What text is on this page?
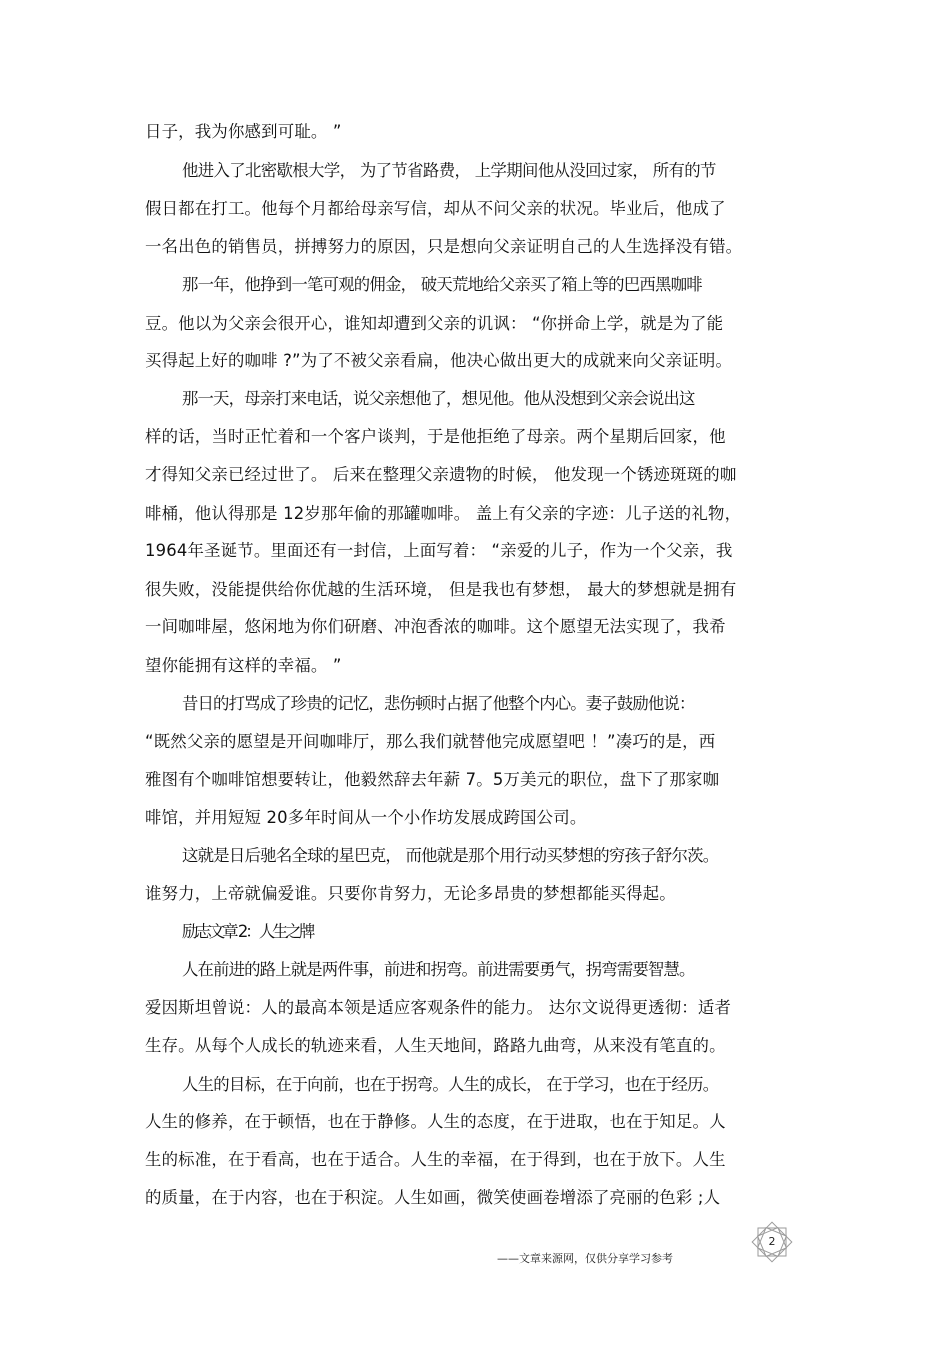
日子，我为你感到可耻。 ”
他进入了北密歇根大学， 为了节省路费， 上学期间他从没回过家， 所有的节
假日都在打工。他每个月都给母亲写信，却从不问父亲的状况。毕业后，他成了
一名出色的销售员，拼搏努力的原因，只是想向父亲证明自己的人生选择没有错。
那一年，他挣到一笔可观的佣金， 破天荒地给父亲买了箱上等的巴西黑咖啡
豆。他以为父亲会很开心，谁知却遭到父亲的讥讽： “你拼命上学，就是为了能
买得起上好的咖啡 ?”为了不被父亲看扁，他决心做出更大的成就来向父亲证明。
那一天，母亲打来电话，说父亲想他了，想见他。他从没想到父亲会说出这
样的话，当时正忙着和一个客户谈判，于是他拒绝了母亲。两个星期后回家，他
才得知父亲已经过世了。 后来在整理父亲遗物的时候， 他发现一个锈迹斑斑的咖
啡桶，他认得那是 12岁那年偷的那罐咖啡。 盖上有父亲的字迹：儿子送的礼物，
1964年圣诞节。里面还有一封信，上面写着： “亲爱的儿子，作为一个父亲，我
很失败，没能提供给你优越的生活环境， 但是我也有梦想， 最大的梦想就是拥有
一间咖啡屋，悠闲地为你们研磨、冲泡香浓的咖啡。这个愿望无法实现了，我希
望你能拥有这样的幸福。 ”
昔日的打骂成了珍贵的记忆，悲伤顿时占据了他整个内心。妻子鼓励他说：
“既然父亲的愿望是开间咖啡厅，那么我们就替他完成愿望吧 ！”凑巧的是，西
雅图有个咖啡馆想要转让，他毅然辞去年薪 7。5万美元的职位，盘下了那家咖
啡馆，并用短短 20多年时间从一个小作坊发展成跨国公司。
这就是日后驰名全球的星巴克， 而他就是那个用行动买梦想的穷孩子舒尔茨。
谁努力，上帝就偏爱谁。只要你肯努力，无论多昂贵的梦想都能买得起。
励志文章 2：人生之牌
人在前进的路上就是两件事，前进和拐弯。前进需要勇气，拐弯需要智慧。
爱因斯坦曾说：人的最高本领是适应客观条件的能力。 达尔文说得更透彻：适者
生存。从每个人成长的轨迹来看，人生天地间，路路九曲弯，从来没有笔直的。
人生的目标，在于向前，也在于拐弯。人生的成长， 在于学习，也在于经历。
人生的修养，在于顿悟，也在于静修。人生的态度，在于进取，也在于知足。人
生的标准，在于看高，也在于适合。人生的幸福，在于得到，也在于放下。人生
的质量，在于内容，也在于积淀。人生如画，微笑使画卷增添了亮丽的色彩 ;人
2
——文章来源网，仅供分享学习参考
